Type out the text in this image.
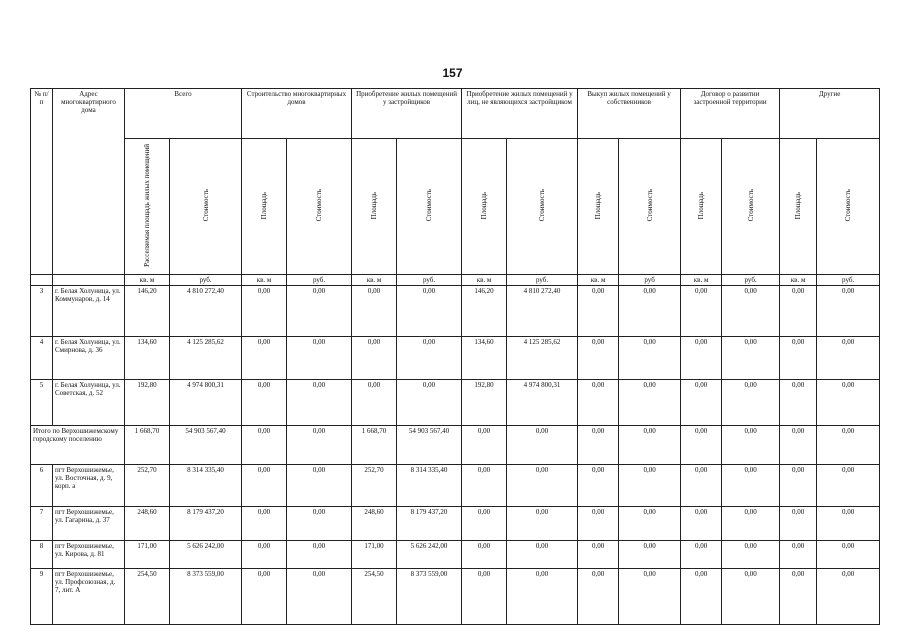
157
№ п/п	Адрес многоквартирного дома	Всего		Строительство многоквартирных домов		Приобретение жилых помещений у застройщиков		Приобретение жилых помещений у лиц, не являющихся застройщиком		Выкуп жилых помещений у собственников		Договор о развитии застроенной территории		Другие	
		Расселяемая площадь жилых помещений	Стоимость	Площадь	Стоимость	Площадь	Стоимость	Площадь	Стоимость	Площадь	Стоимость	Площадь	Стоимость	Площадь	Стоимость
		кв. м	руб.	кв. м	руб.	кв. м	руб.	кв. м	руб.	кв. м	руб	кв. м	руб.	кв. м	руб.
3	г. Белая Холуница, ул. Коммунаров, д. 14	146,20	4 810 272,40	0,00	0,00	0,00	0,00	146,20	4 810 272,40	0,00	0,00	0,00	0,00	0,00	0,00
4	г. Белая Холуница, ул. Смирнова, д. 36	134,60	4 125 285,62	0,00	0,00	0,00	0,00	134,60	4 125 285,62	0,00	0,00	0,00	0,00	0,00	0,00
5	г. Белая Холуница, ул. Советская, д. 52	192,80	4 974 800,31	0,00	0,00	0,00	0,00	192,80	4 974 800,31	0,00	0,00	0,00	0,00	0,00	0,00
Итого по Верхошижемскому городскому поселению		1 668,70	54 903 567,40	0,00	0,00	1 668,70	54 903 567,40	0,00	0,00	0,00	0,00	0,00	0,00	0,00	0,00
6	пгт Верхошижемье, ул. Восточная, д. 9, корп. а	252,70	8 314 335,40	0,00	0,00	252,70	8 314 335,40	0,00	0,00	0,00	0,00	0,00	0,00	0,00	0,00
7	пгт Верхошижемье, ул. Гагарина, д. 37	248,60	8 179 437,20	0,00	0,00	248,60	8 179 437,20	0,00	0,00	0,00	0,00	0,00	0,00	0,00	0,00
8	пгт Верхошижемье, ул. Кирова, д. 81	171,00	5 626 242,00	0,00	0,00	171,00	5 626 242,00	0,00	0,00	0,00	0,00	0,00	0,00	0,00	0,00
9	пгт Верхошижемье, ул. Профсоюзная, д. 7, лит. А	254,50	8 373 559,00	0,00	0,00	254,50	8 373 559,00	0,00	0,00	0,00	0,00	0,00	0,00	0,00	0,00
